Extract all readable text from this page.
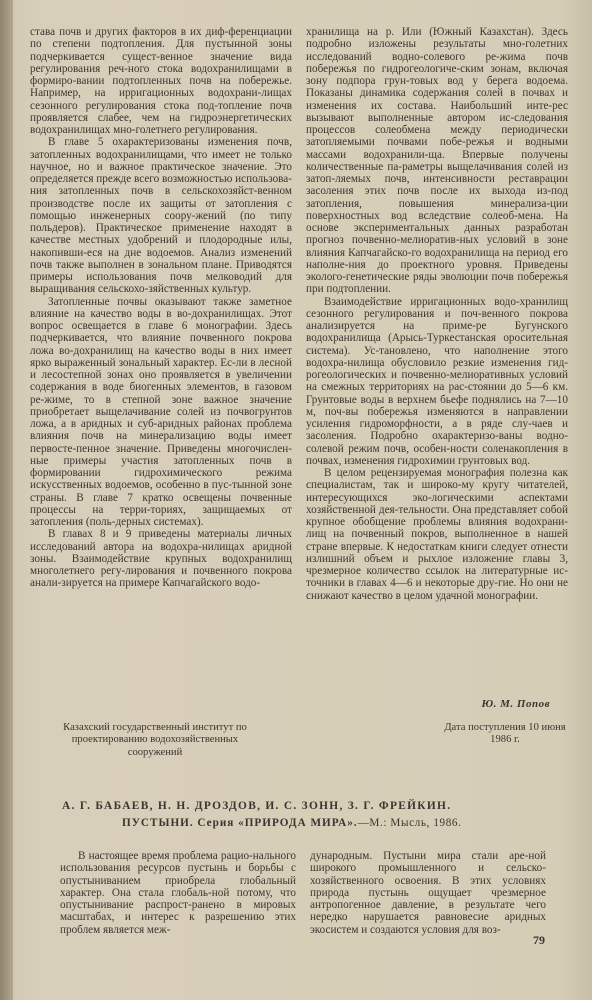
става почв и других факторов в их диф-ференциации по степени подтопления. Для пустынной зоны подчеркивается сущест-венное значение вида регулирования реч-ного стока водохранилищами в формиро-вании подтопленных почв на побережье. Например, на ирригационных водохрани-лищах сезонного регулирования стока под-топление почв проявляется слабее, чем на гидроэнергетических водохранилищах мно-голетнего регулирования.

В главе 5 охарактеризованы изменения почв, затопленных водохранилищами, что имеет не только научное, но и важное практическое значение. Это определяется прежде всего возможностью использова-ния затопленных почв в сельскохозяйст-венном производстве после их защиты от затопления с помощью инженерных соору-жений (по типу польдеров). Практическое применение находят в качестве местных удобрений и плодородные илы, накопивши-еся на дне водоемов. Анализ изменений почв также выполнен в зональном плане. Приводятся примеры использования почв мелководий для выращивания сельскохо-зяйственных культур.

Затопленные почвы оказывают также заметное влияние на качество воды в во-дохранилищах. Этот вопрос освещается в главе 6 монографии. Здесь подчеркивается, что влияние почвенного покрова ложа во-дохранилищ на качество воды в них имеет ярко выраженный зональный характер. Ес-ли в лесной и лесостепной зонах оно проявляется в увеличении содержания в воде биогенных элементов, в газовом ре-жиме, то в степной зоне важное значение приобретает выщелачивание солей из почвогрунтов ложа, а в аридных и суб-аридных районах проблема влияния почв на минерализацию воды имеет первосте-пенное значение. Приведены многочислен-ные примеры участия затопленных почв в формировании гидрохимического режима искусственных водоемов, особенно в пус-тынной зоне страны. В главе 7 кратко освещены почвенные процессы на терри-ториях, защищаемых от затопления (поль-дерных системах).

В главах 8 и 9 приведены материалы личных исследований автора на водохра-нилищах аридной зоны. Взаимодействие крупных водохранилищ многолетнего регу-лирования и почвенного покрова анали-зируется на примере Капчагайского водо-

хранилища на р. Или (Южный Казахстан). Здесь подробно изложены результаты мно-голетних исследований водно-солевого ре-жима почв побережья по гидрогеологиче-ским зонам, включая зону подпора грун-товых вод у берега водоема. Показаны динамика содержания солей в почвах и изменения их состава. Наибольший инте-рес вызывают выполненные автором ис-следования процессов солеобмена между периодически затопляемыми почвами побе-режья и водными массами водохранили-ща. Впервые получены количественные па-раметры выщелачивания солей из затоп-ляемых почв, интенсивности реставрации засоления этих почв после их выхода из-под затопления, повышения минерализа-ции поверхностных вод вследствие солеоб-мена. На основе экспериментальных данных разработан прогноз почвенно-мелиоратив-ных условий в зоне влияния Капчагайско-го водохранилища на период его наполне-ния до проектного уровня. Приведены эколого-генетические ряды эволюции почв побережья при подтоплении.

Взаимодействие ирригационных водо-хранилищ сезонного регулирования и поч-венного покрова анализируется на приме-ре Бугунского водохранилища (Арысь-Туркестанская оросительная система). Ус-тановлено, что наполнение этого водохра-нилища обусловило резкие изменения гид-рогеологических и почвенно-мелиоративных условий на смежных территориях на рас-стоянии до 5—6 км. Грунтовые воды в верхнем бьефе поднялись на 7—10 м, поч-вы побережья изменяются в направлении усиления гидроморфности, а в ряде слу-чаев и засоления. Подробно охарактеризо-ваны водно-солевой режим почв, особен-ности соленакопления в почвах, изменения гидрохимии грунтовых вод.

В целом рецензируемая монография полезна как специалистам, так и широко-му кругу читателей, интересующихся эко-логическими аспектами хозяйственной дея-тельности. Она представляет собой крупное обобщение проблемы влияния водохрани-лищ на почвенный покров, выполненное в нашей стране впервые. К недостаткам книги следует отнести излишний объем и рыхлое изложение главы 3, чрезмерное количество ссылок на литературные ис-точники в главах 4—6 и некоторые дру-гие. Но они не снижают качество в целом удачной монографии.

Ю. М. Попов
Казахский государственный институт по проектированию водохозяйственных сооружений
Дата поступления 10 июня 1986 г.
А. Г. БАБАЕВ, Н. Н. ДРОЗДОВ, И. С. ЗОНН, З. Г. ФРЕЙКИН.
ПУСТЫНИ. Серия «ПРИРОДА МИРА».—М.: Мысль, 1986.

В настоящее время проблема рацио-нального использования ресурсов пустынь и борьбы с опустыниванием приобрела глобальный характер. Она стала глобаль-ной потому, что опустынивание распрост-ранено в мировых масштабах, и интерес к разрешению этих проблем является меж-

дународным. Пустыни мира стали аре-ной широкого промышленного и сельско-хозяйственного освоения. В этих условиях природа пустынь ощущает чрезмерное антропогенное давление, в результате чего нередко нарушается равновесие аридных экосистем и создаются условия для воз-

79
